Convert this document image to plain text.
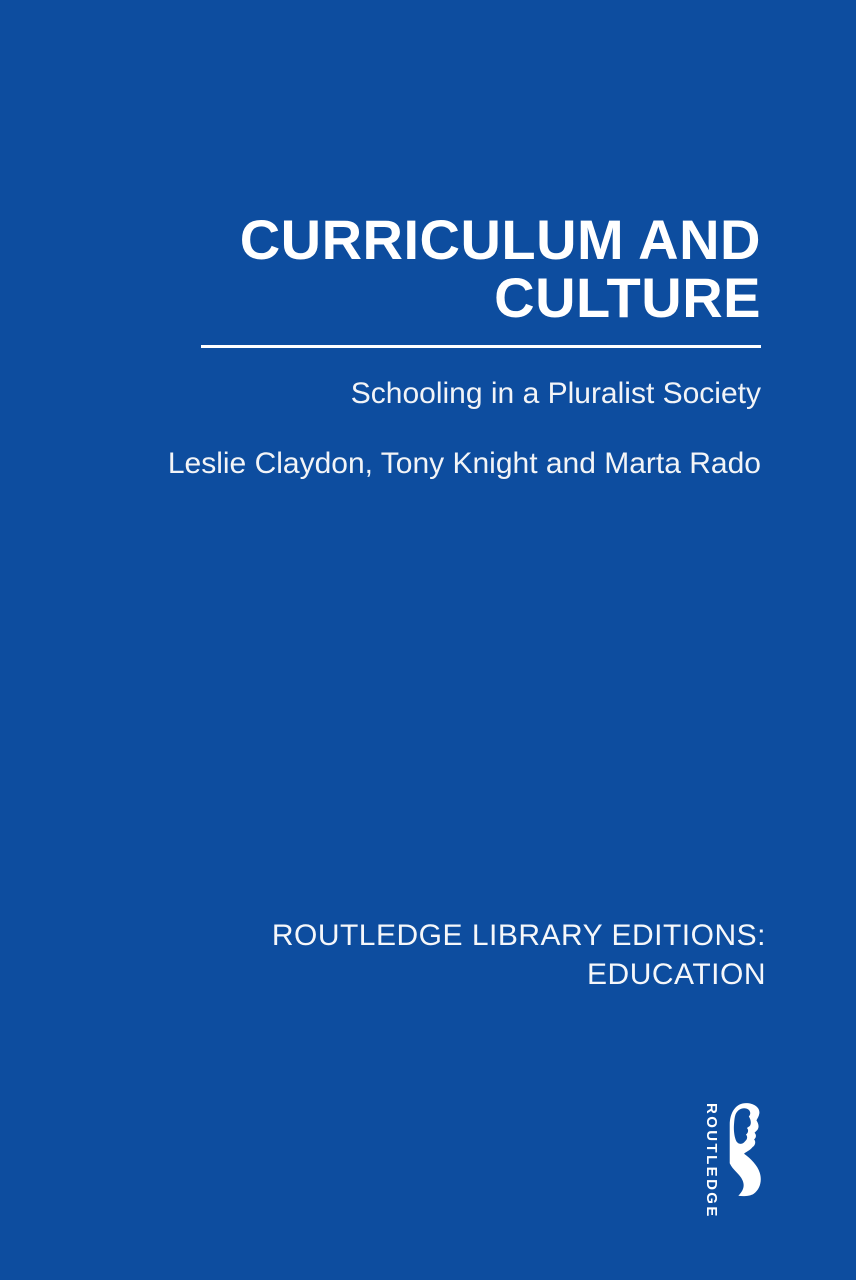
CURRICULUM AND
CULTURE
Schooling in a Pluralist Society
Leslie Claydon, Tony Knight and Marta Rado
ROUTLEDGE LIBRARY EDITIONS:
EDUCATION
ROUTLEDGE
